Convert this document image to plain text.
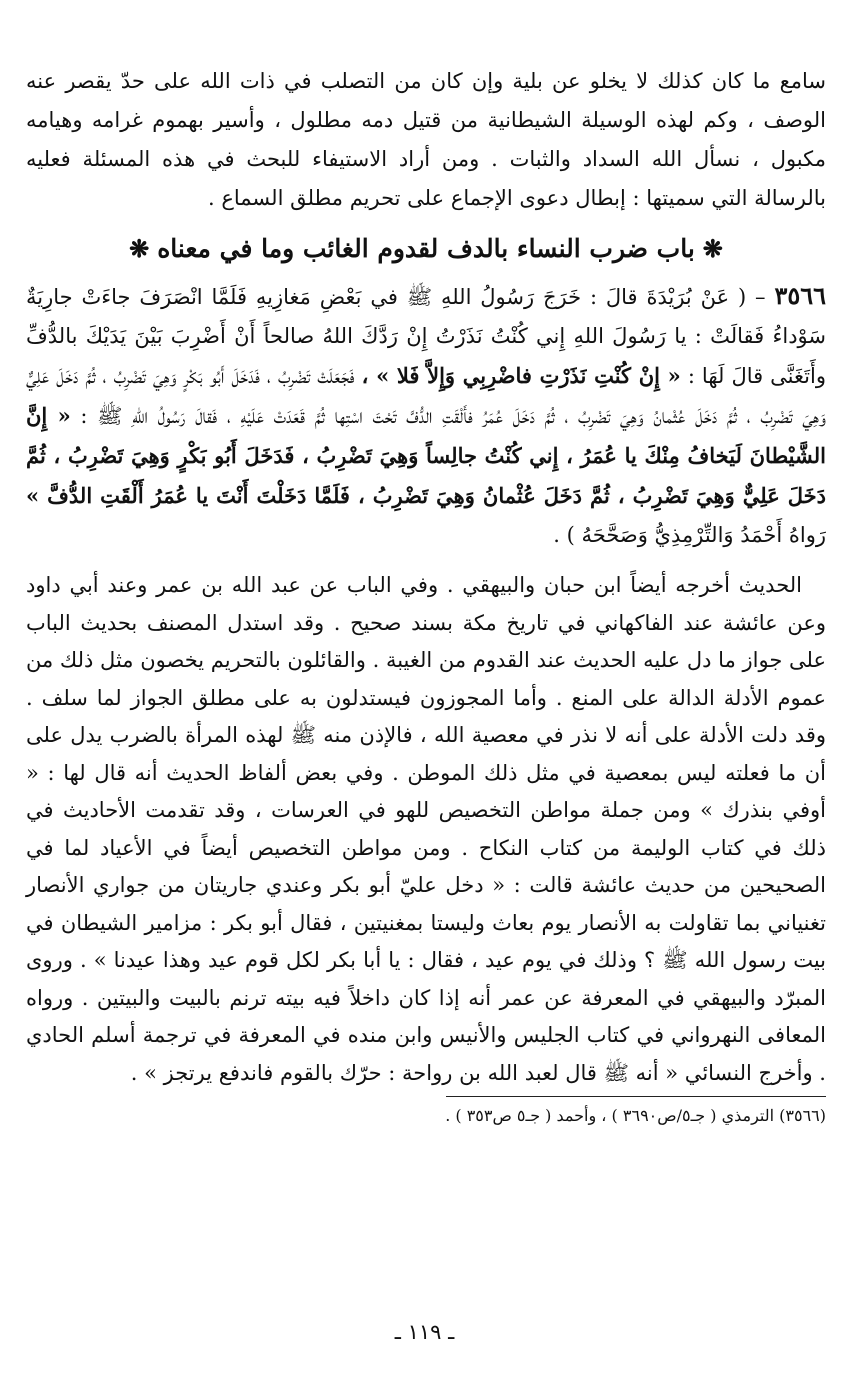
سامع ما كان كذلك لا يخلو عن بلية وإن كان من التصلب في ذات الله على حدّ يقصر عنه الوصف ، وكم لهذه الوسيلة الشيطانية من قتيل دمه مطلول ، وأسير بهموم غرامه وهيامه مكبول ، نسأل الله السداد والثبات . ومن أراد الاستيفاء للبحث في هذه المسئلة فعليه بالرسالة التي سميتها : إبطال دعوى الإجماع على تحريم مطلق السماع .

❋باب ضرب النساء بالدف لقدوم الغائب وما في معناه❋

٣٥٦٦ – ( عَنْ بُرَيْدَةَ قالَ : خَرَجَ رَسُولُ اللهِ ﷺ في بَعْضِ مَغازِيهِ فَلَمَّا انْصَرَفَ جاءَتْ جارِيَةٌ سَوْداءُ فَقالَتْ : يا رَسُولَ اللهِ إِني كُنْتُ نَذَرْتُ إِنْ رَدَّكَ اللهُ صالحاً أَنْ أَضْرِبَ بَيْنَ يَدَيْكَ بالدُّفِّ وأَتَغَنَّى قالَ لَهَا : « إِنْ كُنْتِ نَذَرْتِ فاضْرِبِي وَإِلاَّ فَلا » ، فَجَعَلَتْ تَضْرِبُ ، فَدَخَلَ أَبُو بَكْرٍ وَهِيَ تَضْرِبُ ، ثُمَّ دَخَلَ عَلِيٌّ وَهِيَ تَضْرِبُ ، ثُمَّ دَخَلَ عُثْمانُ وَهِيَ تَضْرِبُ ، ثُمَّ دَخَلَ عُمَرُ فأَلْقَتِ الدُّفَّ تَحْتَ اسْتِها ثُمَّ قَعَدَتْ عَلَيْهِ ، فَقالَ رَسُولُ اللهِ ﷺ : « إِنَّ الشَّيْطانَ لَيَخافُ مِنْكَ يا عُمَرُ ، إِني كُنْتُ جالِساً وَهِيَ تَضْرِبُ ، فَدَخَلَ أَبُو بَكْرٍ وَهِيَ تَضْرِبُ ، ثُمَّ دَخَلَ عَلِيٌّ وَهِيَ تَضْرِبُ ، ثُمَّ دَخَلَ عُثْمانُ وَهِيَ تَضْرِبُ ، فَلَمَّا دَخَلْتَ أَنْتَ يا عُمَرُ أَلْقَتِ الدُّفَّ » رَواهُ أَحْمَدُ وَالتِّرْمِذِيُّ وَصَحَّحَهُ ) .

الحديث أخرجه أيضاً ابن حبان والبيهقي . وفي الباب عن عبد الله بن عمر وعند أبي داود وعن عائشة عند الفاكهاني في تاريخ مكة بسند صحيح . وقد استدل المصنف بحديث الباب على جواز ما دل عليه الحديث عند القدوم من الغيبة . والقائلون بالتحريم يخصون مثل ذلك من عموم الأدلة الدالة على المنع . وأما المجوزون فيستدلون به على مطلق الجواز لما سلف . وقد دلت الأدلة على أنه لا نذر في معصية الله ، فالإذن منه ﷺ لهذه المرأة بالضرب يدل على أن ما فعلته ليس بمعصية في مثل ذلك الموطن . وفي بعض ألفاظ الحديث أنه قال لها : « أوفي بنذرك » ومن جملة مواطن التخصيص للهو في العرسات ، وقد تقدمت الأحاديث في ذلك في كتاب الوليمة من كتاب النكاح . ومن مواطن التخصيص أيضاً في الأعياد لما في الصحيحين من حديث عائشة قالت : « دخل عليّ أبو بكر وعندي جاريتان من جواري الأنصار تغنياني بما تقاولت به الأنصار يوم بعاث وليستا بمغنيتين ، فقال أبو بكر : مزامير الشيطان في بيت رسول الله ﷺ ؟ وذلك في يوم عيد ، فقال : يا أبا بكر لكل قوم عيد وهذا عيدنا » . وروى المبرّد والبيهقي في المعرفة عن عمر أنه إذا كان داخلاً فيه بيته ترنم بالبيت والبيتين . ورواه المعافى النهرواني في كتاب الجليس والأنيس وابن منده في المعرفة في ترجمة أسلم الحادي . وأخرج النسائي « أنه ﷺ قال لعبد الله بن رواحة : حرّك بالقوم فاندفع يرتجز » .

(٣٥٦٦) الترمذي ( جـ٥/ص٣٦٩٠ ) ، وأحمد ( جـ٥ ص٣٥٣ ) .

ـ ١١٩ ـ
